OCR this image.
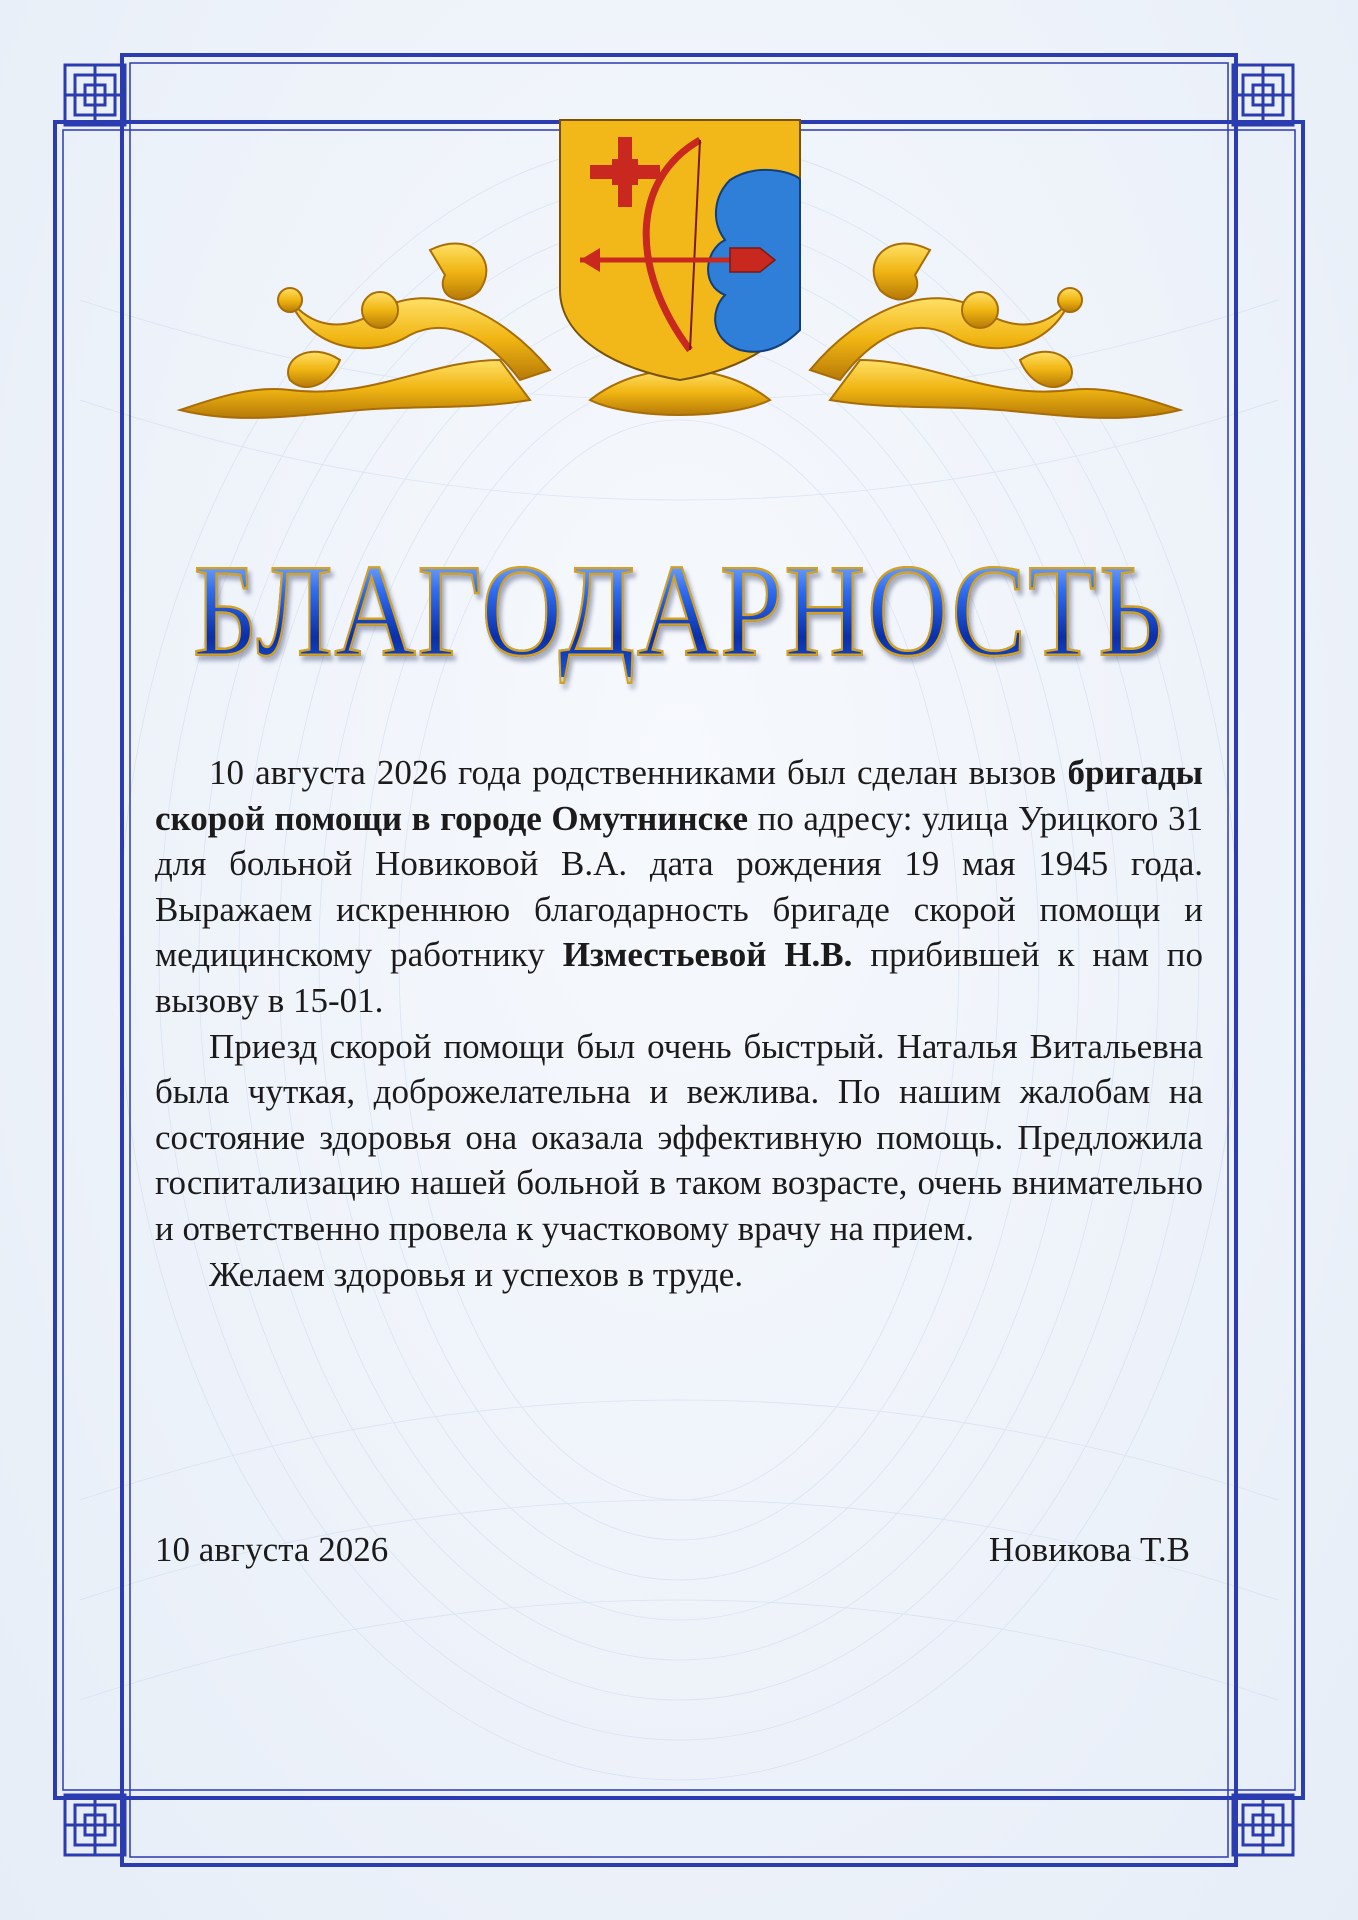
БЛАГОДАРНОСТЬ

10 августа 2026 года родственниками был сделан вызов бригады скорой помощи в городе Омутнинске по адресу: улица Урицкого 31 для больной Новиковой В.А. дата рождения 19 мая 1945 года. Выражаем искреннюю благодарность бригаде скорой помощи и медицинскому работнику Изместьевой Н.В. прибившей к нам по вызову в 15-01.

Приезд скорой помощи был очень быстрый. Наталья Витальевна была чуткая, доброжелательна и вежлива. По нашим жалобам на состояние здоровья она оказала эффективную помощь. Предложила госпитализацию нашей больной в таком возрасте, очень внимательно и ответственно провела к участковому врачу на прием.

Желаем здоровья и успехов в труде.

10 августа 2026	Новикова Т.В
